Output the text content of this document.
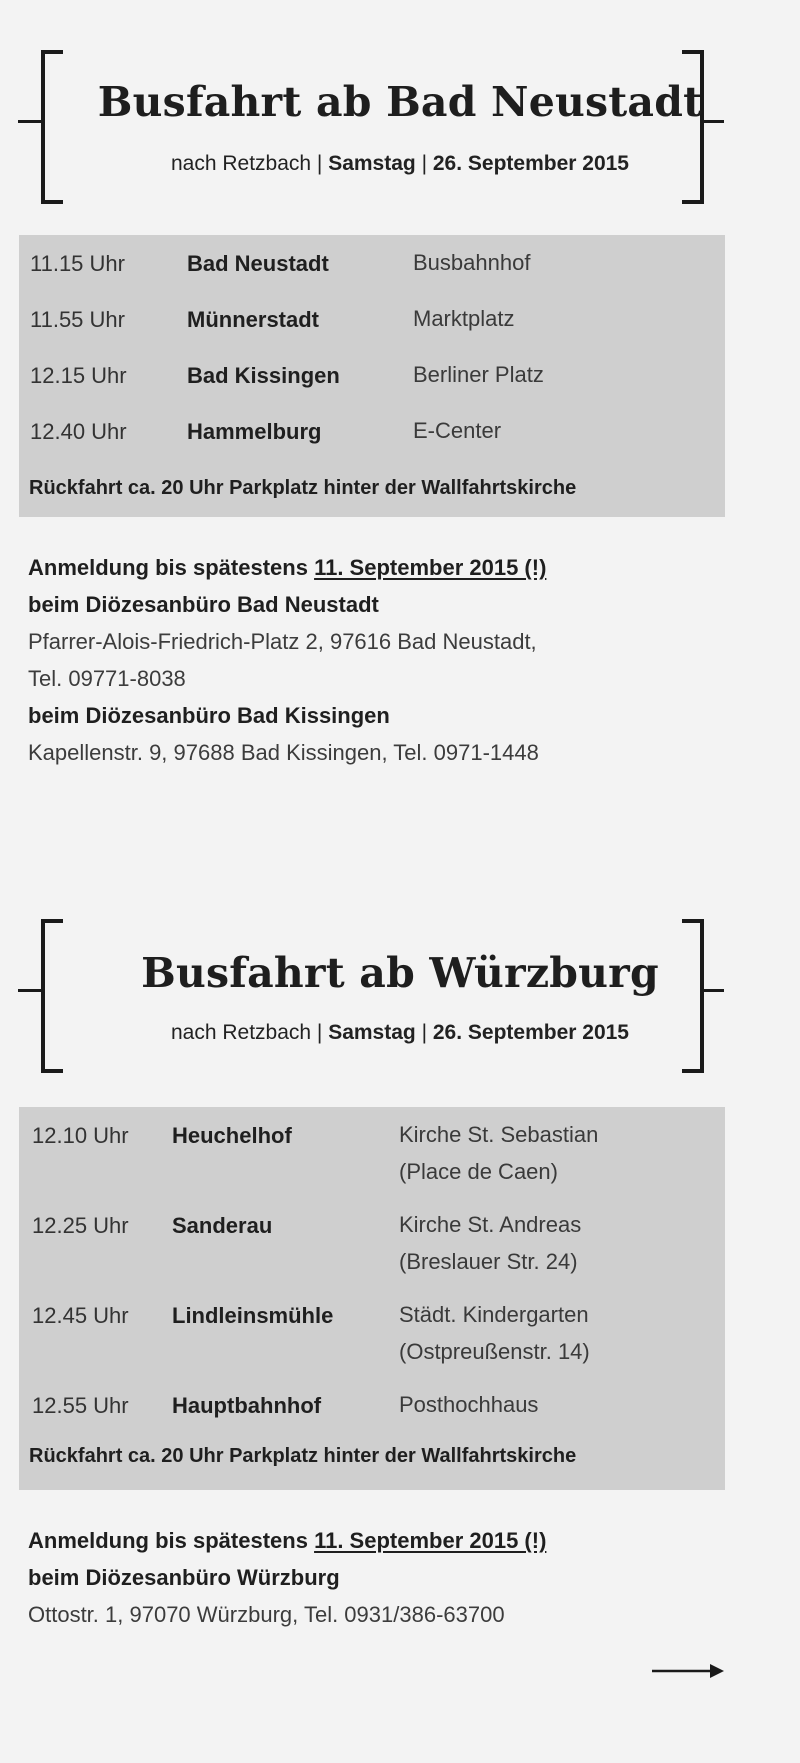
Busfahrt ab Bad Neustadt
nach Retzbach | Samstag | 26. September 2015
11.15 Uhr	Bad Neustadt	Busbahnhof
11.55 Uhr	Münnerstadt	Marktplatz
12.15 Uhr	Bad Kissingen	Berliner Platz
12.40 Uhr	Hammelburg	E-Center
Rückfahrt ca. 20 Uhr Parkplatz hinter der Wallfahrtskirche
Anmeldung bis spätestens 11. September 2015 (!)
beim Diözesanbüro Bad Neustadt
Pfarrer-Alois-Friedrich-Platz 2, 97616 Bad Neustadt,
Tel. 09771-8038
beim Diözesanbüro Bad Kissingen
Kapellenstr. 9, 97688 Bad Kissingen, Tel. 0971-1448
Busfahrt ab Würzburg
nach Retzbach | Samstag | 26. September 2015
12.10 Uhr Heuchelhof	Kirche St. Sebastian
(Place de Caen)
12.25 Uhr Sanderau	Kirche St. Andreas
(Breslauer Str. 24)
12.45 Uhr Lindleinsmühle	Städt. Kindergarten
(Ostpreußenstr. 14)
12.55 Uhr Hauptbahnhof	Posthochhaus
Rückfahrt ca. 20 Uhr Parkplatz hinter der Wallfahrtskirche
Anmeldung bis spätestens 11. September 2015 (!)
beim Diözesanbüro Würzburg
Ottostr. 1, 97070 Würzburg, Tel. 0931/386-63700
